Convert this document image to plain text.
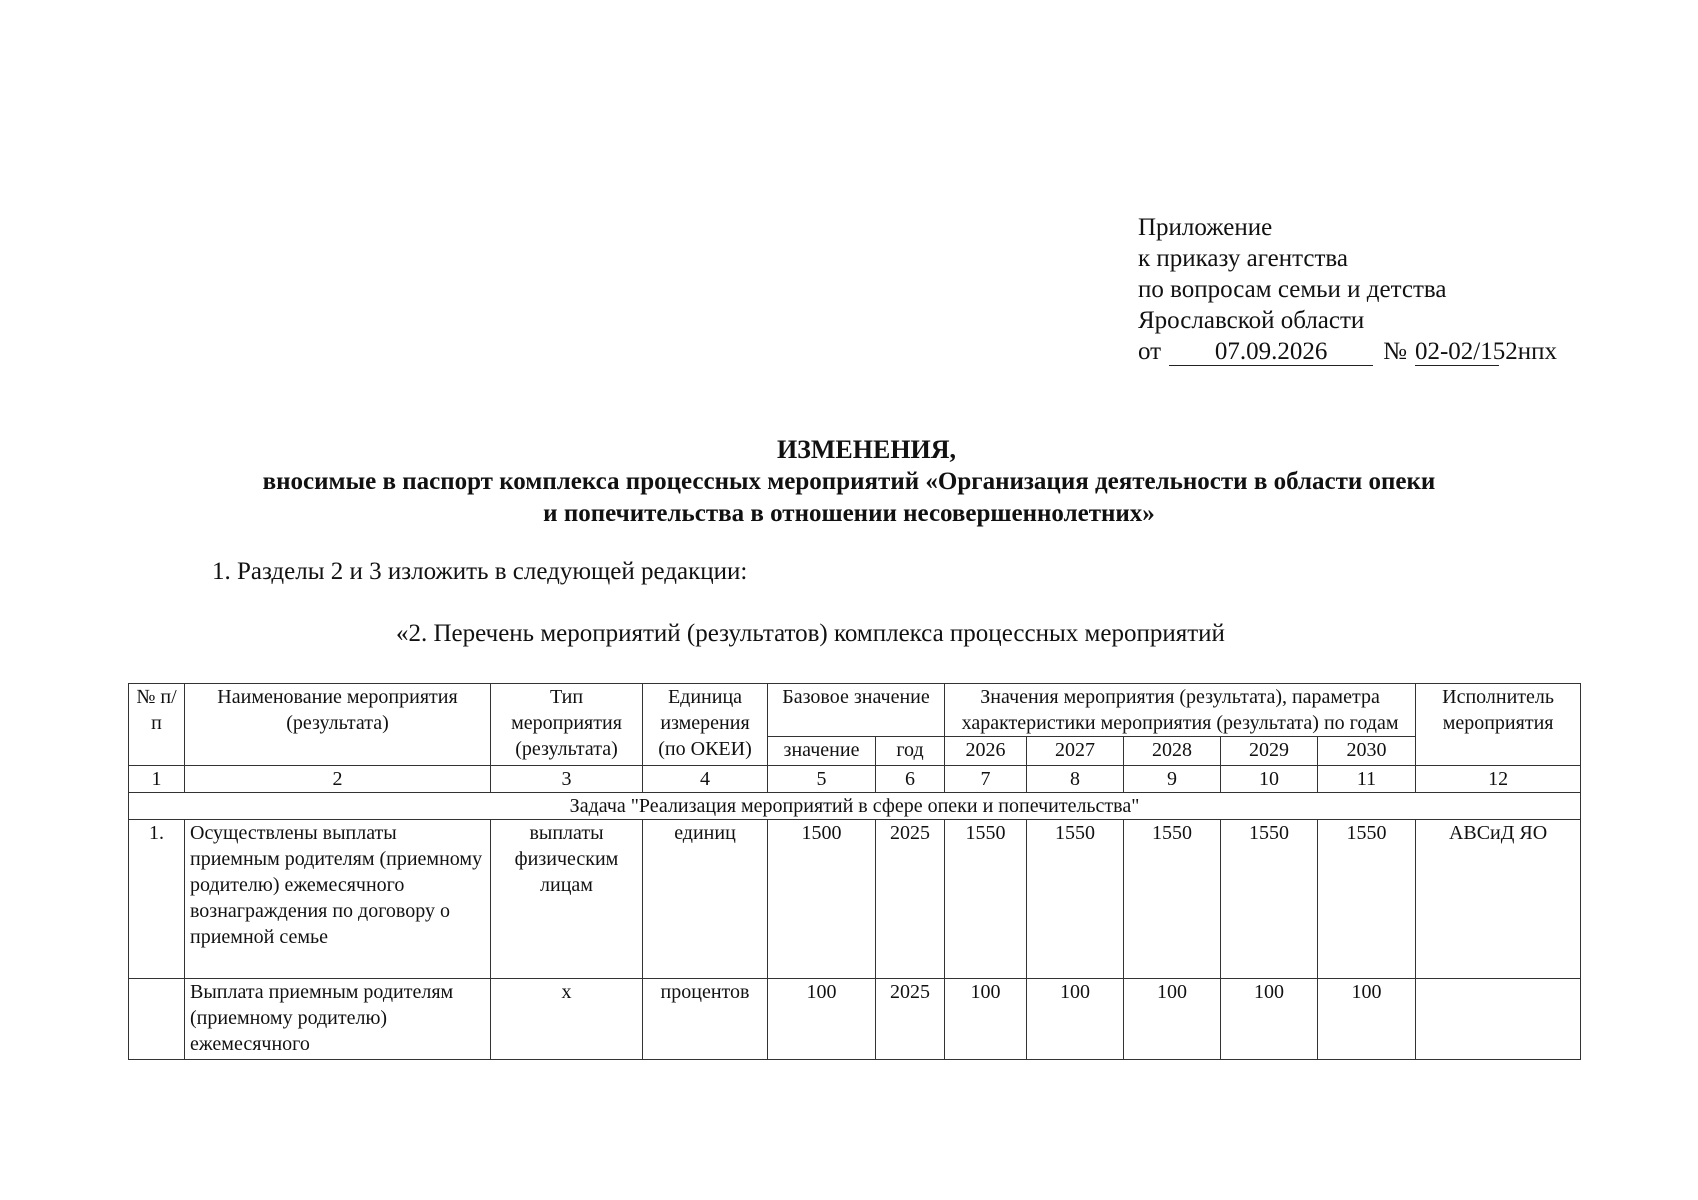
Приложение
к приказу агентства
по вопросам семьи и детства
Ярославской области
от 07.09.2026 № 02-02/152нпх
ИЗМЕНЕНИЯ,
вносимые в паспорт комплекса процессных мероприятий «Организация деятельности в области опеки
и попечительства в отношении несовершеннолетних»
1. Разделы 2 и 3 изложить в следующей редакции:
«2. Перечень мероприятий (результатов) комплекса процессных мероприятий
№ п/п	Наименование мероприятия (результата)	Тип мероприятия (результата)	Единица измерения (по ОКЕИ)	Базовое значение		Значения мероприятия (результата), параметра характеристики мероприятия (результата) по годам					Исполнитель мероприятия
				значение	год	2026	2027	2028	2029	2030	
1	2	3	4	5	6	7	8	9	10	11	12
Задача "Реализация мероприятий в сфере опеки и попечительства"											
1.	Осуществлены выплаты приемным родителям (приемному родителю) ежемесячного вознаграждения по договору о приемной семье	выплаты физическим лицам	единиц	1500	2025	1550	1550	1550	1550	1550	АВСиД ЯО
	Выплата приемным родителям (приемному родителю) ежемесячного	x	процентов	100	2025	100	100	100	100	100	
